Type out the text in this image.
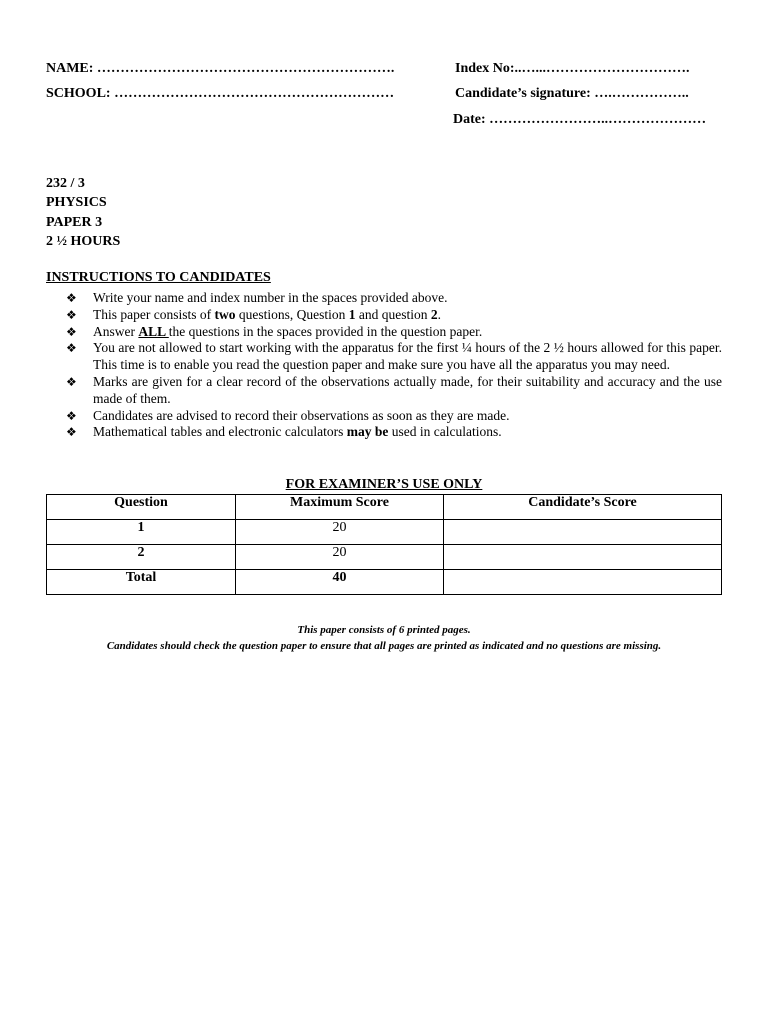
NAME: ……………………………………………………….	Index No:..…...………………………….
SCHOOL: ……………………………………………………	Candidate’s signature: ….……………..
Date: ……………………..…………………
232 / 3
PHYSICS
PAPER 3
2 ½ HOURS
INSTRUCTIONS TO CANDIDATES
❖ Write your name and index number in the spaces provided above.
❖ This paper consists of two questions, Question 1 and question 2.
❖ Answer ALL the questions in the spaces provided in the question paper.
❖ You are not allowed to start working with the apparatus for the first ¼ hours of the 2 ½ hours allowed for this paper. This time is to enable you read the question paper and make sure you have all the apparatus you may need.
❖ Marks are given for a clear record of the observations actually made, for their suitability and accuracy and the use made of them.
❖ Candidates are advised to record their observations as soon as they are made.
❖ Mathematical tables and electronic calculators may be used in calculations.
FOR EXAMINER’S USE ONLY
Question	Maximum Score	Candidate’s Score
1	20	
2	20	
Total	40	
This paper consists of 6 printed pages.
Candidates should check the question paper to ensure that all pages are printed as indicated and no questions are missing.
